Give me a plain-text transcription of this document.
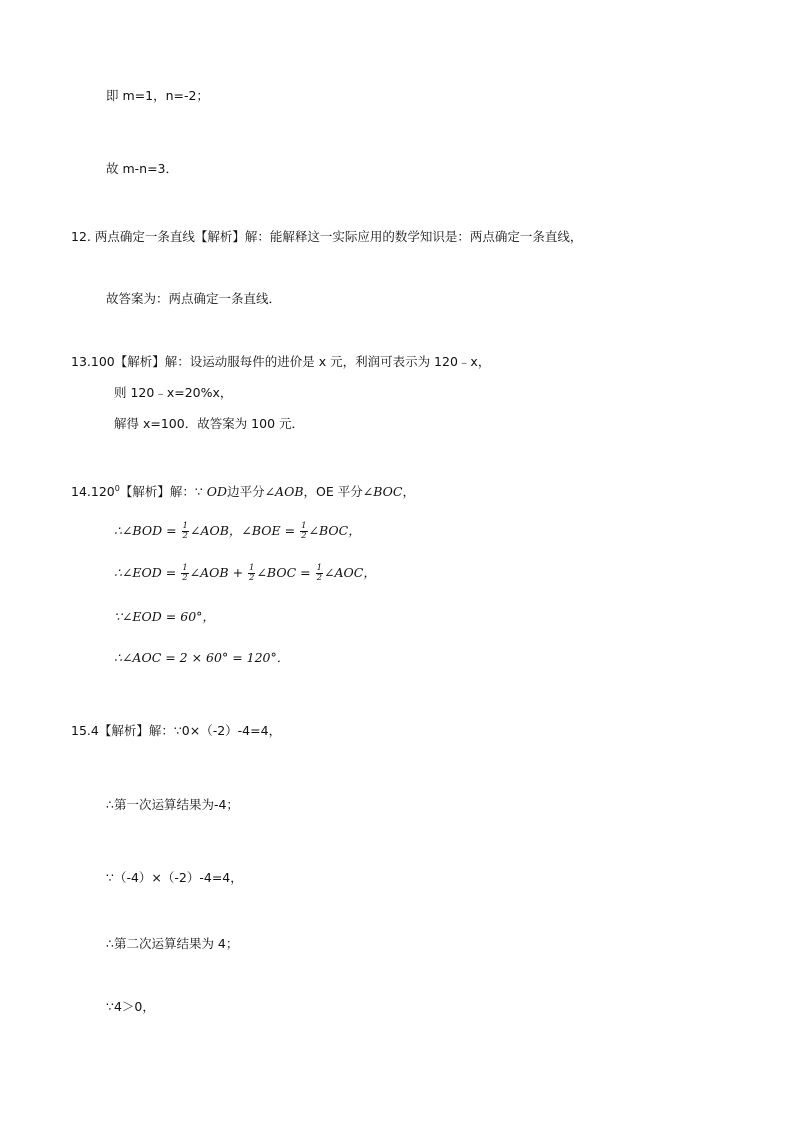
即 m=1，n=-2；
故 m-n=3．
12. 两点确定一条直线【解析】解：能解释这一实际应用的数学知识是：两点确定一条直线，
故答案为：两点确定一条直线．
13.100【解析】解：设运动服每件的进价是 x 元，利润可表示为 120﹣x，
则 120﹣x=20%x，
解得 x=100．故答案为 100 元．
14.120$^0$【解析】解：∵ OD边平分∠AOB，OE 平分∠BOC，
∴∠BOD = $\frac{1}{2}$ ∠AOB，∠BOE = $\frac{1}{2}$ ∠BOC，
∴∠EOD = $\frac{1}{2}$ ∠AOB + $\frac{1}{2}$ ∠BOC = $\frac{1}{2}$ ∠AOC，
∵∠EOD = 60°，
∴∠AOC = 2 × 60° = 120°．
15.4【解析】解：∵0×（-2）-4=4，
∴第一次运算结果为-4；
∵（-4）×（-2）-4=4，
∴第二次运算结果为 4；
∵4＞0，
